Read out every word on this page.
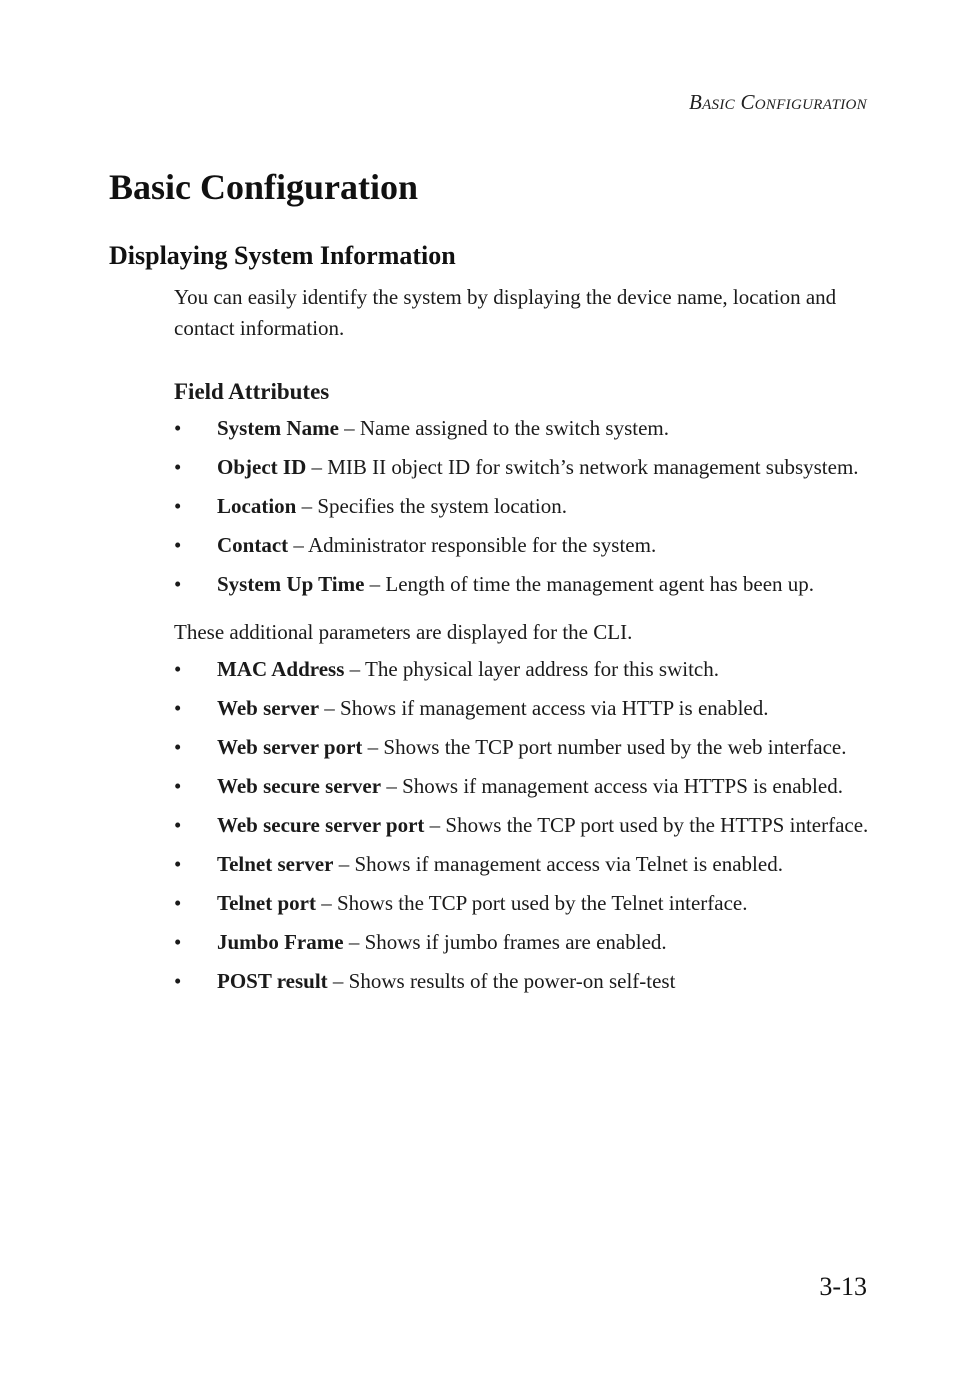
Basic Configuration
Basic Configuration
Displaying System Information

You can easily identify the system by displaying the device name, location and contact information.

Field Attributes
• System Name – Name assigned to the switch system.
• Object ID – MIB II object ID for switch’s network management subsystem.
• Location – Specifies the system location.
• Contact – Administrator responsible for the system.
• System Up Time – Length of time the management agent has been up.

These additional parameters are displayed for the CLI.

• MAC Address – The physical layer address for this switch.
• Web server – Shows if management access via HTTP is enabled.
• Web server port – Shows the TCP port number used by the web interface.
• Web secure server – Shows if management access via HTTPS is enabled.
• Web secure server port – Shows the TCP port used by the HTTPS interface.
• Telnet server – Shows if management access via Telnet is enabled.
• Telnet port – Shows the TCP port used by the Telnet interface.
• Jumbo Frame – Shows if jumbo frames are enabled.
• POST result – Shows results of the power-on self-test
3-13
